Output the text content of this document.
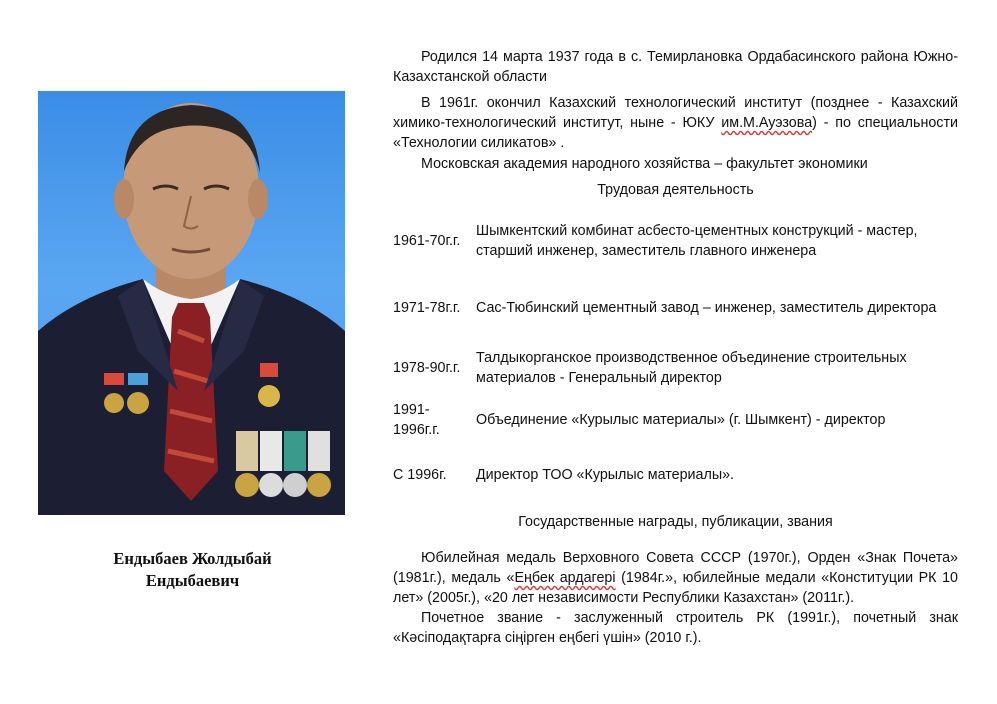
Ендыбаев Жолдыбай
Ендыбаевич

Родился 14 марта 1937 года в с. Темирлановка Ордабасинского района Южно-Казахстанской области

В 1961г. окончил Казахский технологический институт (позднее - Казахский химико-технологический институт, ныне - ЮКУ им.М.Ауэзова) - по специальности «Технологии силикатов» .

Московская академия народного хозяйства – факультет экономики

Трудовая деятельность

1961-70г.г.
Шымкентский комбинат асбесто-цементных конструкций - мастер, старший инженер, заместитель главного инженера
1971-78г.г.	Сас-Тюбинский цементный завод – инженер, заместитель директора
1978-90г.г.
Талдыкорганское производственное объединение строительных материалов - Генеральный директор
1991-1996г.г.
Объединение «Курылыс материалы» (г. Шымкент) - директор
С 1996г.	Директор ТОО «Курылыс материалы».

Государственные награды, публикации, звания

Юбилейная медаль Верховного Совета СССР (1970г.), Орден «Знак Почета» (1981г.), медаль «Еңбек ардагері (1984г.», юбилейные медали «Конституции РК 10 лет» (2005г.), «20 лет независимости Республики Казахстан» (2011г.).

Почетное звание - заслуженный строитель РК (1991г.), почетный знак «Кәсіподақтарға сіңірген еңбегі үшін» (2010 г.).
